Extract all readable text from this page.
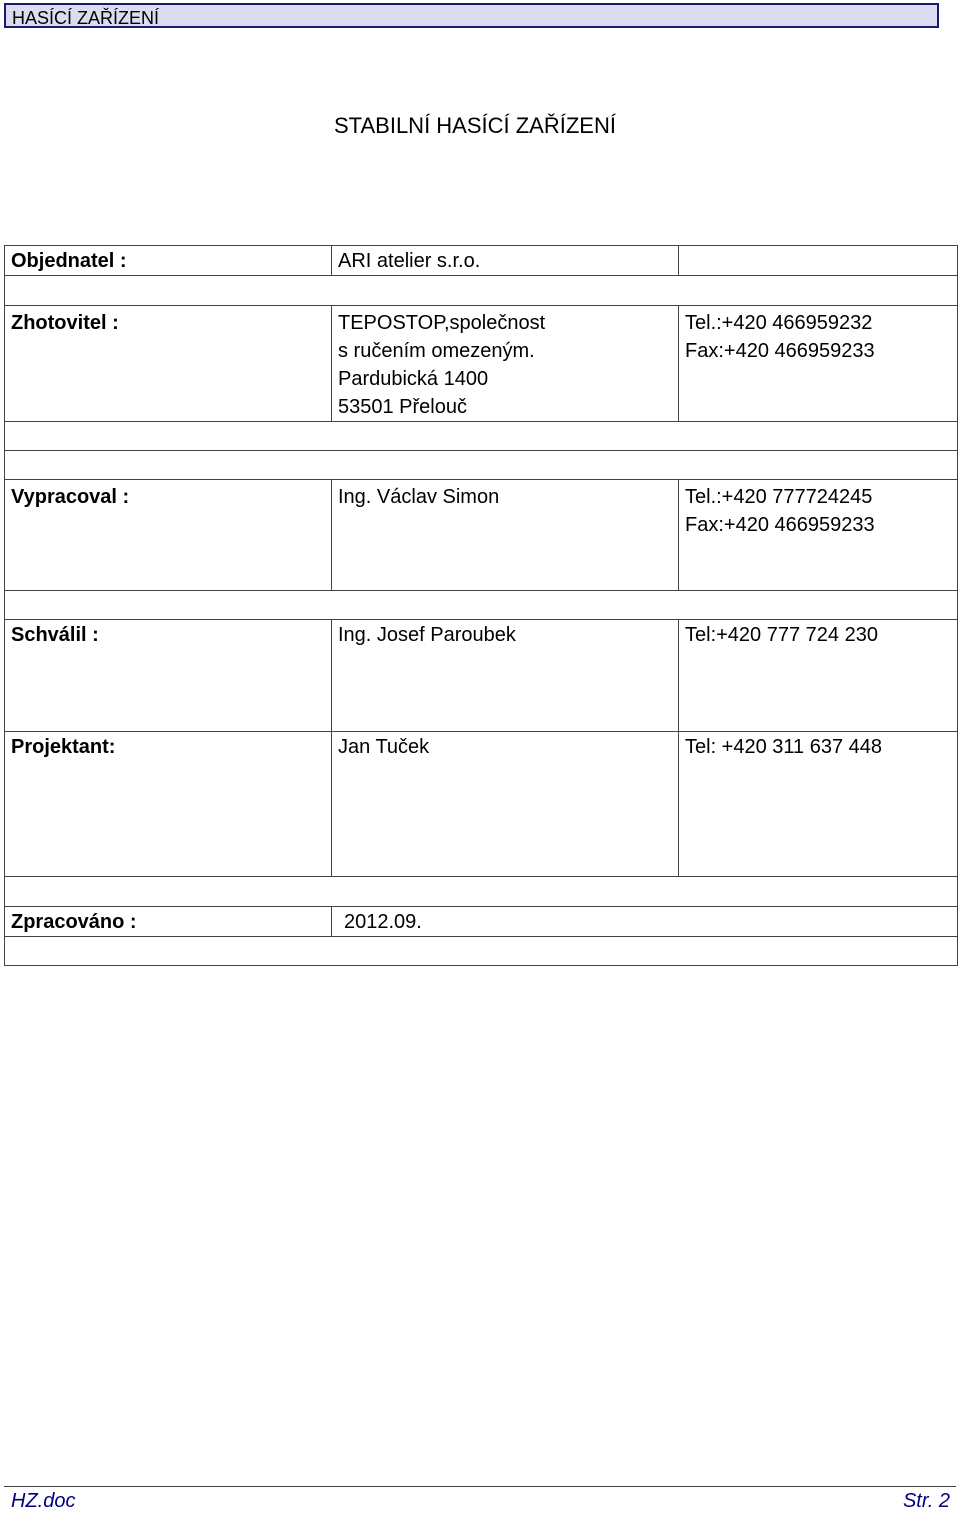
HASÍCÍ ZAŘÍZENÍ
STABILNÍ HASÍCÍ ZAŘÍZENÍ
Objednatel :	ARI atelier s.r.o.	

Zhotovitel :	TEPOSTOP,společnost
s ručením omezeným.
Pardubická 1400
53501 Přelouč	Tel.:+420 466959232
Fax:+420 466959233

Vypracoval :	Ing. Václav Simon	Tel.:+420 777724245
Fax:+420 466959233

Schválil :	Ing. Josef Paroubek	Tel:+420 777 724 230

Projektant:	Jan Tuček	Tel: +420 311 637 448

Zpracováno :	2012.09.	

HZ.doc	Str. 2
